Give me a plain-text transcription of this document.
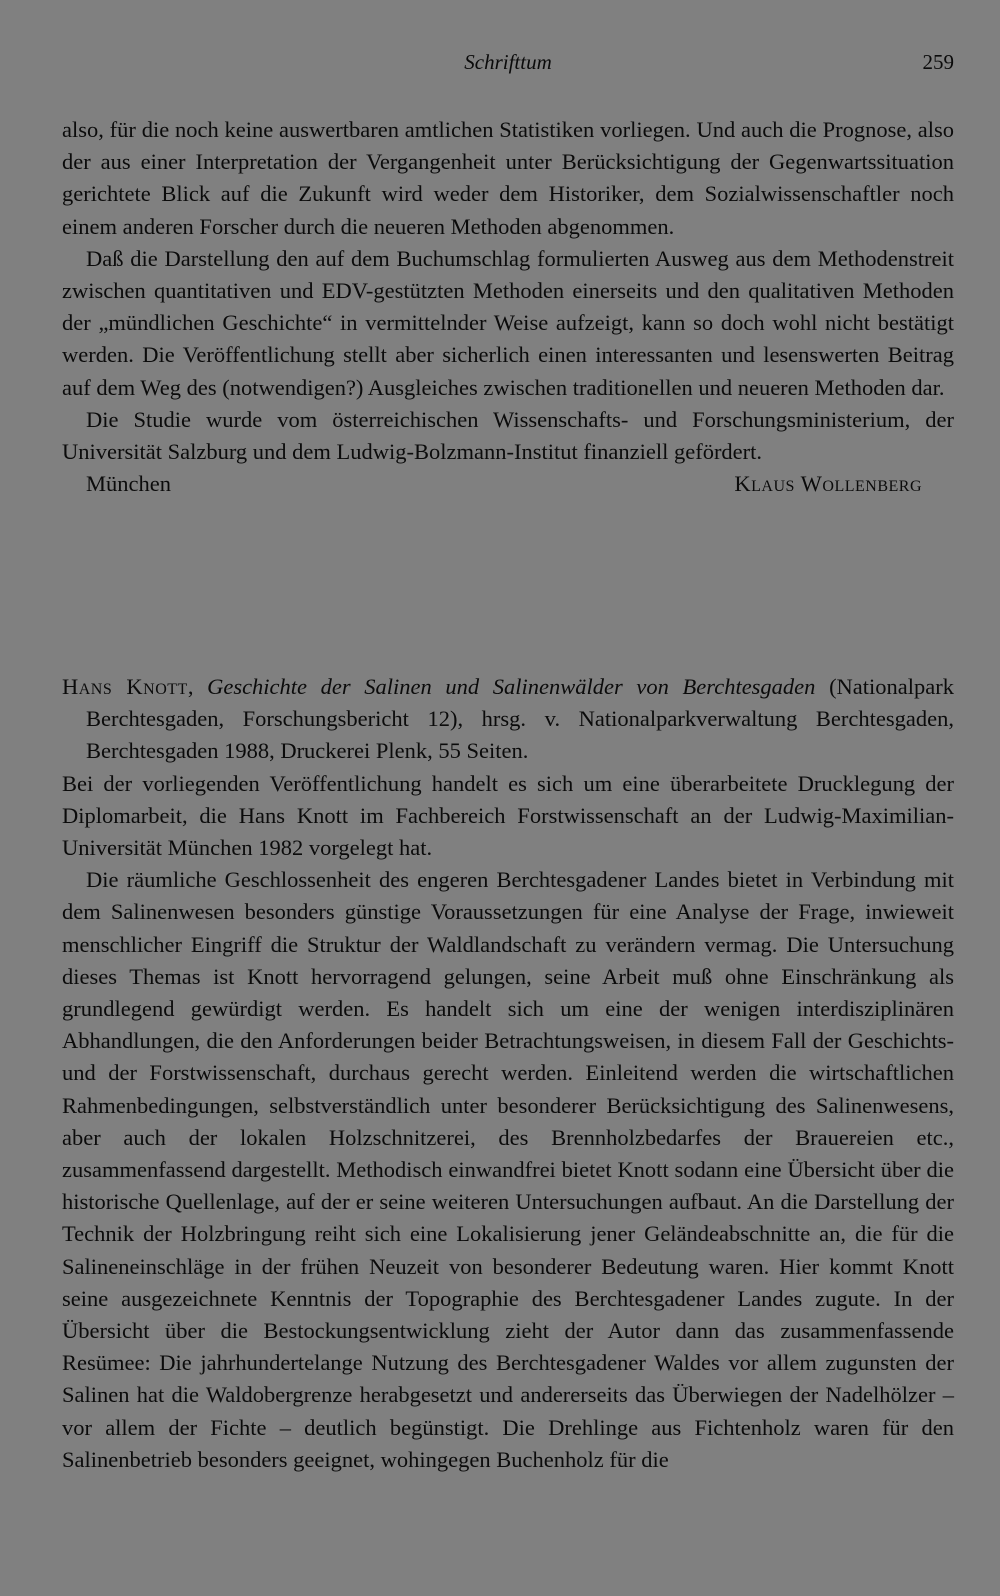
Schrifttum	259

also, für die noch keine auswertbaren amtlichen Statistiken vorliegen. Und auch die Prognose, also der aus einer Interpretation der Vergangenheit unter Berücksichtigung der Gegenwartssituation gerichtete Blick auf die Zukunft wird weder dem Historiker, dem Sozialwissenschaftler noch einem anderen Forscher durch die neueren Methoden abgenommen.

Daß die Darstellung den auf dem Buchumschlag formulierten Ausweg aus dem Methodenstreit zwischen quantitativen und EDV-gestützten Methoden einerseits und den qualitativen Methoden der „mündlichen Geschichte“ in vermittelnder Weise aufzeigt, kann so doch wohl nicht bestätigt werden. Die Veröffentlichung stellt aber sicherlich einen interessanten und lesenswerten Beitrag auf dem Weg des (notwendigen?) Ausgleiches zwischen traditionellen und neueren Methoden dar.

Die Studie wurde vom österreichischen Wissenschafts- und Forschungsministerium, der Universität Salzburg und dem Ludwig-Bolzmann-Institut finanziell gefördert.

München	Klaus Wollenberg

Hans Knott, Geschichte der Salinen und Salinenwälder von Berchtesgaden (Nationalpark Berchtesgaden, Forschungsbericht 12), hrsg. v. Nationalparkverwaltung Berchtesgaden, Berchtesgaden 1988, Druckerei Plenk, 55 Seiten.

Bei der vorliegenden Veröffentlichung handelt es sich um eine überarbeitete Drucklegung der Diplomarbeit, die Hans Knott im Fachbereich Forstwissenschaft an der Ludwig-Maximilian-Universität München 1982 vorgelegt hat.

Die räumliche Geschlossenheit des engeren Berchtesgadener Landes bietet in Verbindung mit dem Salinenwesen besonders günstige Voraussetzungen für eine Analyse der Frage, inwieweit menschlicher Eingriff die Struktur der Waldlandschaft zu verändern vermag. Die Untersuchung dieses Themas ist Knott hervorragend gelungen, seine Arbeit muß ohne Einschränkung als grundlegend gewürdigt werden. Es handelt sich um eine der wenigen interdisziplinären Abhandlungen, die den Anforderungen beider Betrachtungsweisen, in diesem Fall der Geschichts- und der Forstwissenschaft, durchaus gerecht werden. Einleitend werden die wirtschaftlichen Rahmenbedingungen, selbstverständlich unter besonderer Berücksichtigung des Salinenwesens, aber auch der lokalen Holzschnitzerei, des Brennholzbedarfes der Brauereien etc., zusammenfassend dargestellt. Methodisch einwandfrei bietet Knott sodann eine Übersicht über die historische Quellenlage, auf der er seine weiteren Untersuchungen aufbaut. An die Darstellung der Technik der Holzbringung reiht sich eine Lokalisierung jener Geländeabschnitte an, die für die Salineneinschläge in der frühen Neuzeit von besonderer Bedeutung waren. Hier kommt Knott seine ausgezeichnete Kenntnis der Topographie des Berchtesgadener Landes zugute. In der Übersicht über die Bestockungsentwicklung zieht der Autor dann das zusammenfassende Resümee: Die jahrhundertelange Nutzung des Berchtesgadener Waldes vor allem zugunsten der Salinen hat die Waldobergrenze herabgesetzt und andererseits das Überwiegen der Nadelhölzer – vor allem der Fichte – deutlich begünstigt. Die Drehlinge aus Fichtenholz waren für den Salinenbetrieb besonders geeignet, wohingegen Buchenholz für die
